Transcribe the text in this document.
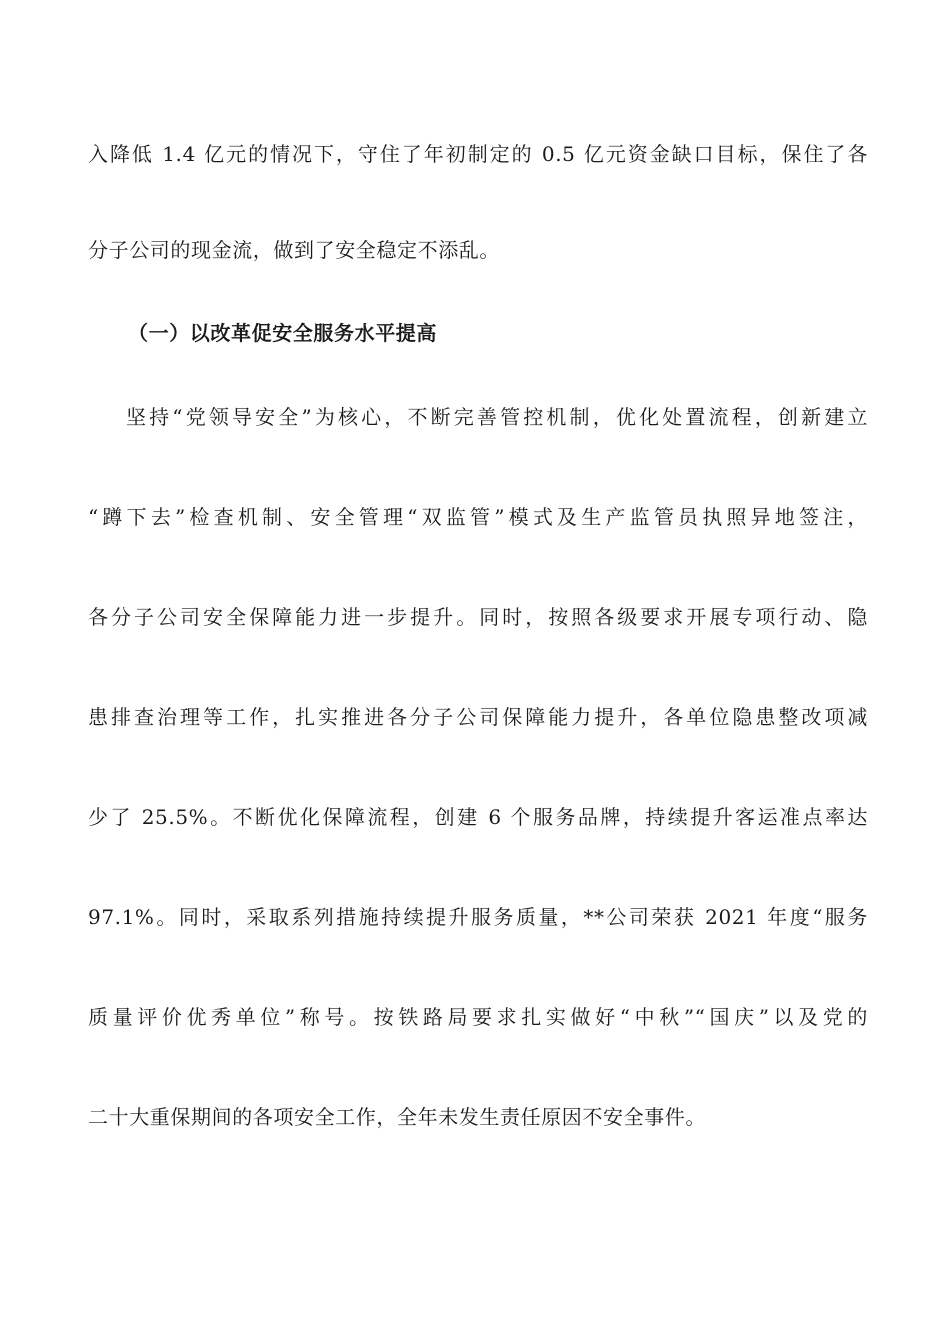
入降低 1.4 亿元的情况下，守住了年初制定的 0.5 亿元资金缺口目标，保住了各
分子公司的现金流，做到了安全稳定不添乱。
（一）以改革促安全服务水平提高
坚持“党领导安全”为核心，不断完善管控机制，优化处置流程，创新建立
“蹲下去”检查机制、安全管理“双监管”模式及生产监管员执照异地签注，
各分子公司安全保障能力进一步提升。同时，按照各级要求开展专项行动、隐
患排查治理等工作，扎实推进各分子公司保障能力提升，各单位隐患整改项减
少了 25.5%。不断优化保障流程，创建 6 个服务品牌，持续提升客运准点率达
97.1%。同时，采取系列措施持续提升服务质量，**公司荣获 2021 年度“服务
质量评价优秀单位”称号。按铁路局要求扎实做好“中秋”“国庆”以及党的
二十大重保期间的各项安全工作，全年未发生责任原因不安全事件。
